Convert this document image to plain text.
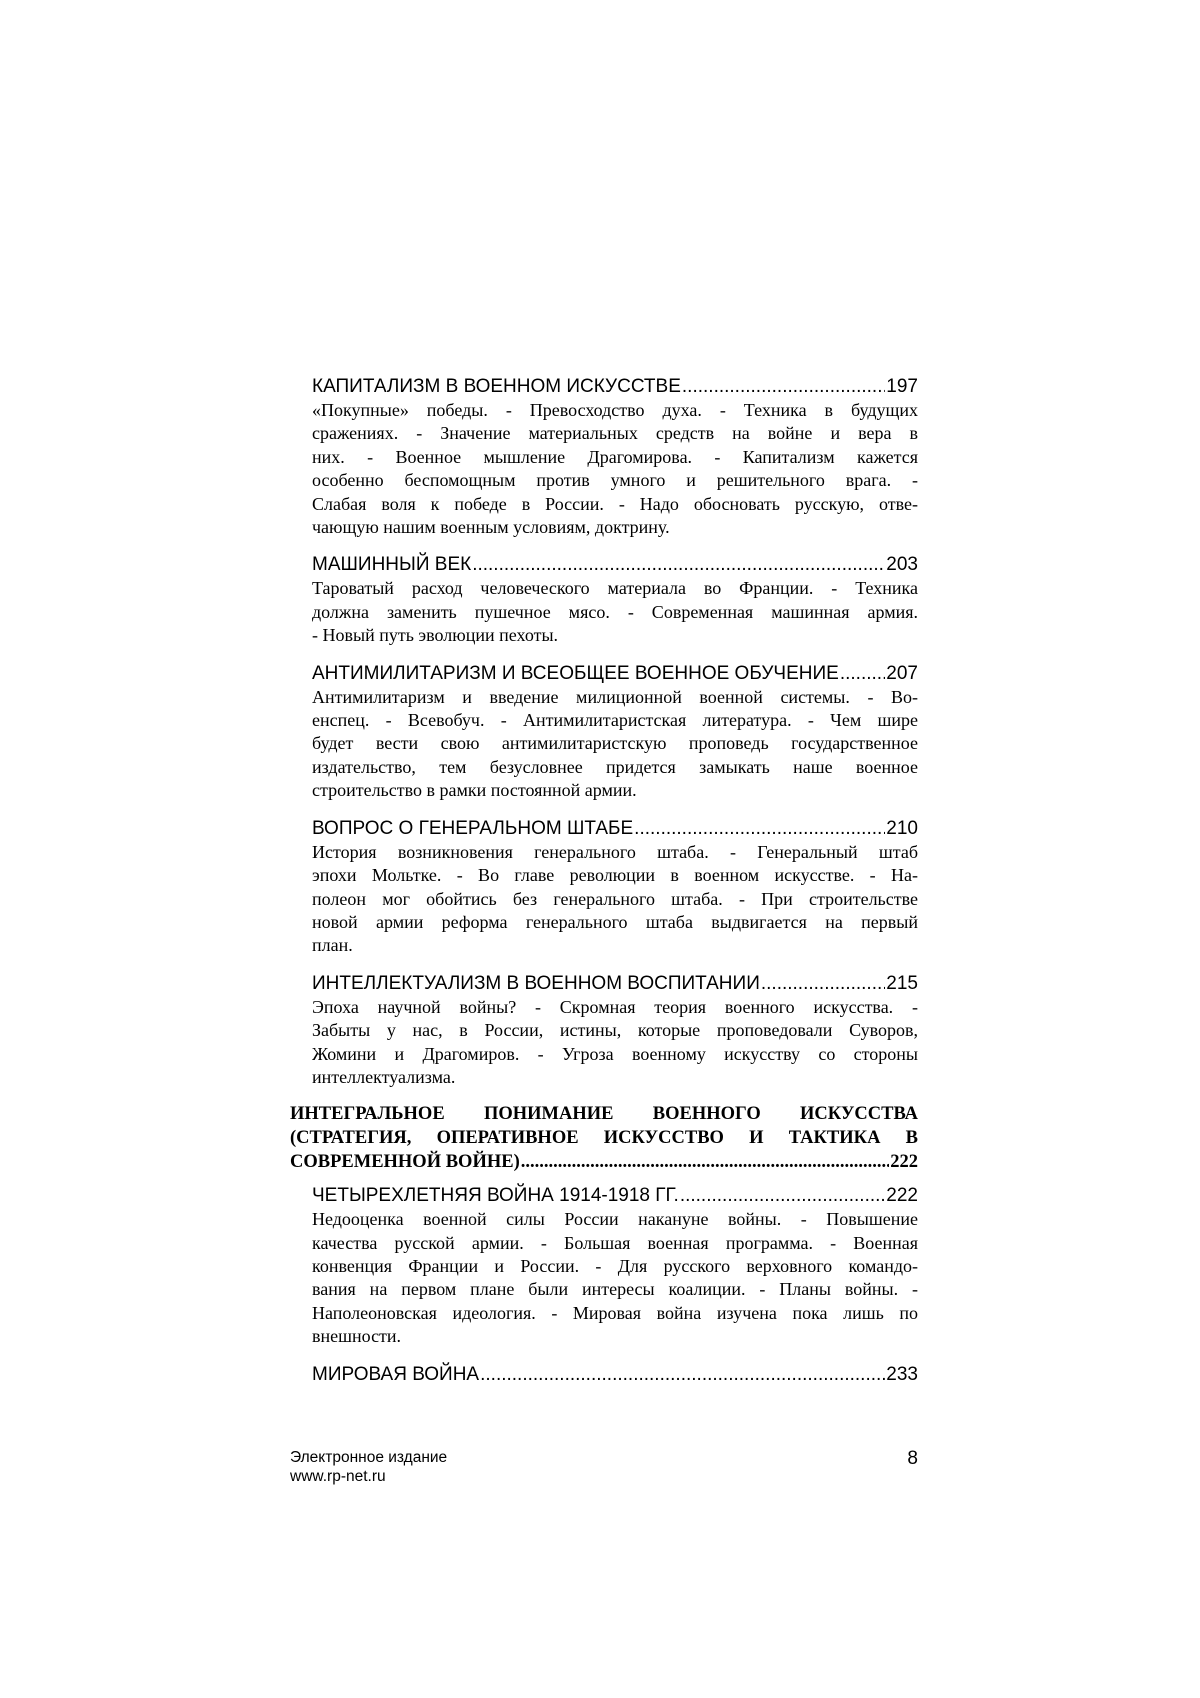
КАПИТАЛИЗМ В ВОЕННОМ ИСКУССТВЕ .....	197
«Покупные» победы. - Превосходство духа. - Техника в будущих
сражениях. - Значение материальных средств на войне и вера в
них. - Военное мышление Драгомирова. - Капитализм кажется
особенно беспомощным против умного и решительного врага. -
Слабая воля к победе в России. - Надо обосновать русскую, отве-
чающую нашим военным условиям, доктрину.
МАШИННЫЙ ВЕК .....	203
Тароватый расход человеческого материала во Франции. - Техника
должна заменить пушечное мясо. - Современная машинная армия.
- Новый путь эволюции пехоты.
АНТИМИЛИТАРИЗМ И ВСЕОБЩЕЕ ВОЕННОЕ ОБУЧЕНИЕ ..... 207
Антимилитаризм и введение милиционной военной системы. - Во-
енспец. - Всевобуч. - Антимилитаристская литература. - Чем шире
будет вести свою антимилитаристскую проповедь государственное
издательство, тем безусловнее придется замыкать наше военное
строительство в рамки постоянной армии.
ВОПРОС О ГЕНЕРАЛЬНОМ ШТАБЕ .....	210
История возникновения генерального штаба. - Генеральный штаб
эпохи Мольтке. - Во главе революции в военном искусстве. - На-
полеон мог обойтись без генерального штаба. - При строительстве
новой армии реформа генерального штаба выдвигается на первый
план.
ИНТЕЛЛЕКТУАЛИЗМ В ВОЕННОМ ВОСПИТАНИИ .....	215
Эпоха научной войны? - Скромная теория военного искусства. -
Забыты у нас, в России, истины, которые проповедовали Суворов,
Жомини и Драгомиров. - Угроза военному искусству со стороны
интеллектуализма.
ИНТЕГРАЛЬНОЕ ПОНИМАНИЕ ВОЕННОГО ИСКУССТВА
(СТРАТЕГИЯ, ОПЕРАТИВНОЕ ИСКУССТВО И ТАКТИКА В
СОВРЕМЕННОЙ ВОЙНЕ) .....	222
ЧЕТЫРЕХЛЕТНЯЯ ВОЙНА 1914-1918 ГГ. .....	222
Недооценка военной силы России накануне войны. - Повышение
качества русской армии. - Большая военная программа. - Военная
конвенция Франции и России. - Для русского верховного командо-
вания на первом плане были интересы коалиции. - Планы войны. -
Наполеоновская идеология. - Мировая война изучена пока лишь по
внешности.
МИРОВАЯ ВОЙНА .....	233
Электронное издание
www.rp-net.ru
8
